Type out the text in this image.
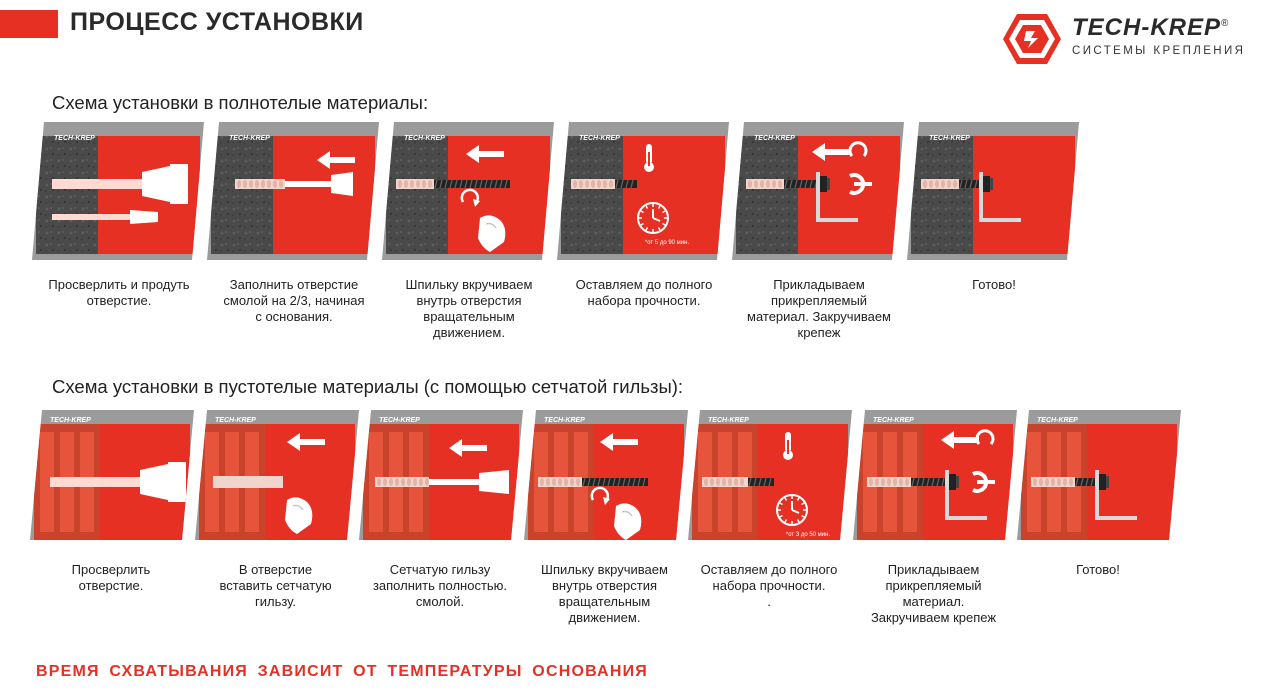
ПРОЦЕСС УСТАНОВКИ	TECH-KREP®
СИСТЕМЫ КРЕПЛЕНИЯ
Схема установки в полнотелые материалы:
TECH-KREP
Просверлить и продуть
отверстие.
TECH-KREP
Заполнить отверстие
смолой на 2/3, начиная
с основания.
TECH-KREP
Шпильку вкручиваем
внутрь отверстия
вращательным
движением.
TECH-KREP
*от 5 до 90 мин.
Оставляем до полного
набора прочности.
TECH-KREP
Прикладываем
прикрепляемый
материал. Закручиваем
крепеж
TECH-KREP
Готово!
Схема установки в пустотелые материалы (с помощью сетчатой гильзы):
TECH-KREP
Просверлить
отверстие.
TECH-KREP
В отверстие
вставить сетчатую
гильзу.
TECH-KREP
Сетчатую гильзу
заполнить полностью.
смолой.
TECH-KREP
Шпильку вкручиваем
внутрь отверстия
вращательным
движением.
TECH-KREP
*от 3 до 50 мин.
Оставляем до полного
набора прочности.
.
TECH-KREP
Прикладываем
прикрепляемый
материал.
Закручиваем крепеж
TECH-KREP
Готово!
ВРЕМЯ СХВАТЫВАНИЯ ЗАВИСИТ ОТ ТЕМПЕРАТУРЫ ОСНОВАНИЯ
